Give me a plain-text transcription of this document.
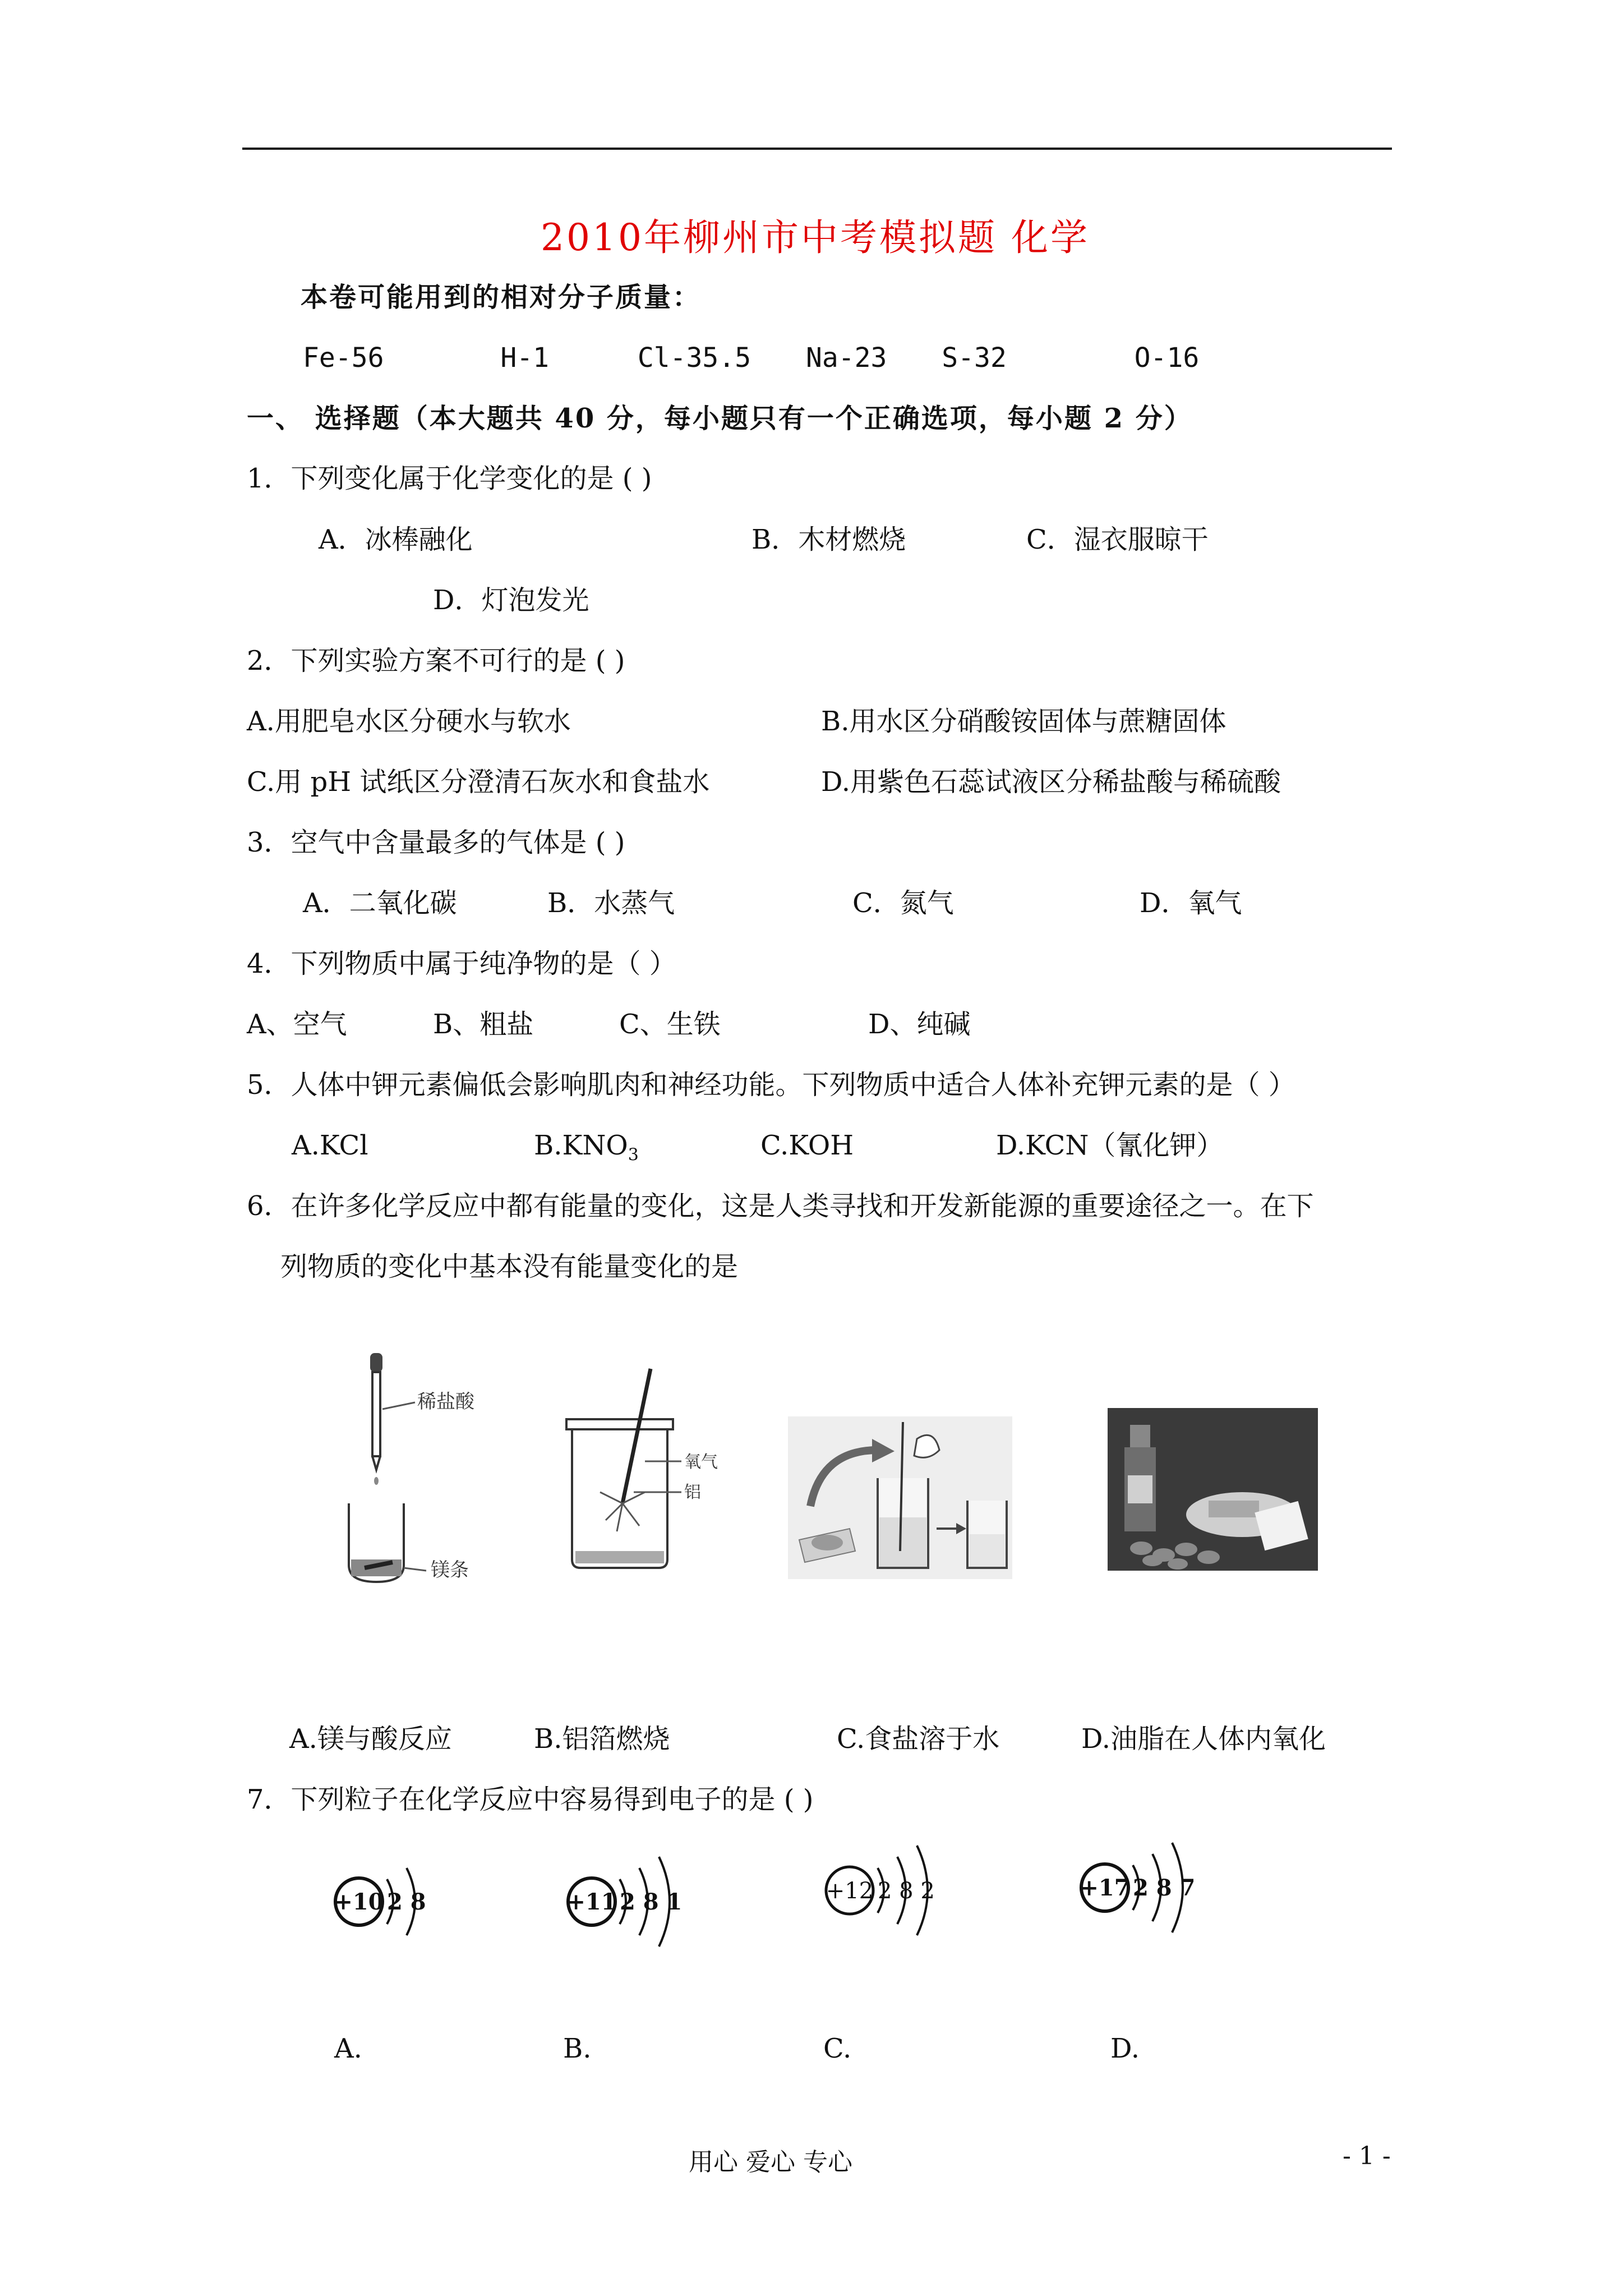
2010年柳州市中考模拟题 化学
本卷可能用到的相对分子质量：
Fe-56	H-1	Cl-35.5 Na-23 S-32	O-16
一、 选择题（本大题共 40 分，每小题只有一个正确选项，每小题 2 分）
1．下列变化属于化学变化的是 ( )
A．冰棒融化	B．木材燃烧	C．湿衣服晾干
D．灯泡发光
2．下列实验方案不可行的是 ( )
A.用肥皂水区分硬水与软水	B.用水区分硝酸铵固体与蔗糖固体
C.用 pH 试纸区分澄清石灰水和食盐水	D.用紫色石蕊试液区分稀盐酸与稀硫酸
3．空气中含量最多的气体是 ( )
A．二氧化碳	B．水蒸气	C．氮气	D．氧气
4．下列物质中属于纯净物的是（ ）
A、空气	B、粗盐	C、生铁	D、纯碱
5．人体中钾元素偏低会影响肌肉和神经功能。下列物质中适合人体补充钾元素的是（ ）
A.KCl	$B.KNO_3$	C.KOH	D.KCN（氰化钾）
6．在许多化学反应中都有能量的变化，这是人类寻找和开发新能源的重要途径之一。在下
列物质的变化中基本没有能量变化的是
稀盐酸
镁条
氧气
铝
A.镁与酸反应	B.铝箔燃烧	C.食盐溶于水	D.油脂在人体内氧化
7．下列粒子在化学反应中容易得到电子的是 ( )
+10 2 8	+11 2 8 1	+12 2 8 2	+17 2 8 7
A.	B.	C.	D.
用心 爱心 专心	- 1 -
